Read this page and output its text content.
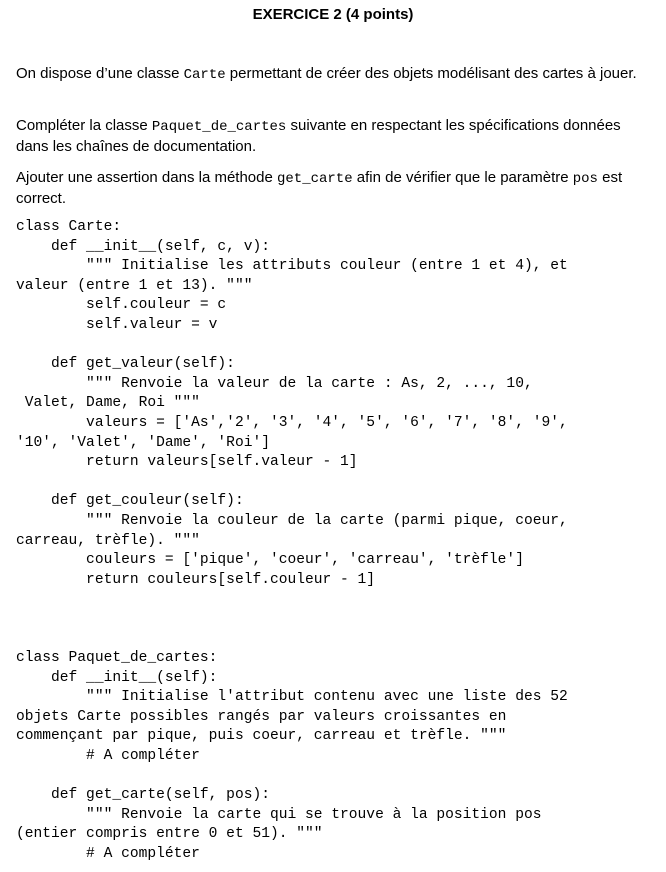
EXERCICE 2 (4 points)

On dispose d’une classe Carte permettant de créer des objets modélisant des cartes à jouer.

Compléter la classe Paquet_de_cartes suivante en respectant les spécifications données dans les chaînes de documentation.

Ajouter une assertion dans la méthode get_carte afin de vérifier que le paramètre pos est correct.

class Carte:
def __init__(self, c, v):
""" Initialise les attributs couleur (entre 1 et 4), et
valeur (entre 1 et 13). """
self.couleur = c
self.valeur = v

def get_valeur(self):
""" Renvoie la valeur de la carte : As, 2, ..., 10,
Valet, Dame, Roi """
valeurs = ['As','2', '3', '4', '5', '6', '7', '8', '9',
'10', 'Valet', 'Dame', 'Roi']
return valeurs[self.valeur - 1]

def get_couleur(self):
""" Renvoie la couleur de la carte (parmi pique, coeur,
carreau, trèfle). """
couleurs = ['pique', 'coeur', 'carreau', 'trèfle']
return couleurs[self.couleur - 1]
class Paquet_de_cartes:
def __init__(self):
""" Initialise l'attribut contenu avec une liste des 52
objets Carte possibles rangés par valeurs croissantes en
commençant par pique, puis coeur, carreau et trèfle. """
# A compléter

def get_carte(self, pos):
""" Renvoie la carte qui se trouve à la position pos
(entier compris entre 0 et 51). """
# A compléter
